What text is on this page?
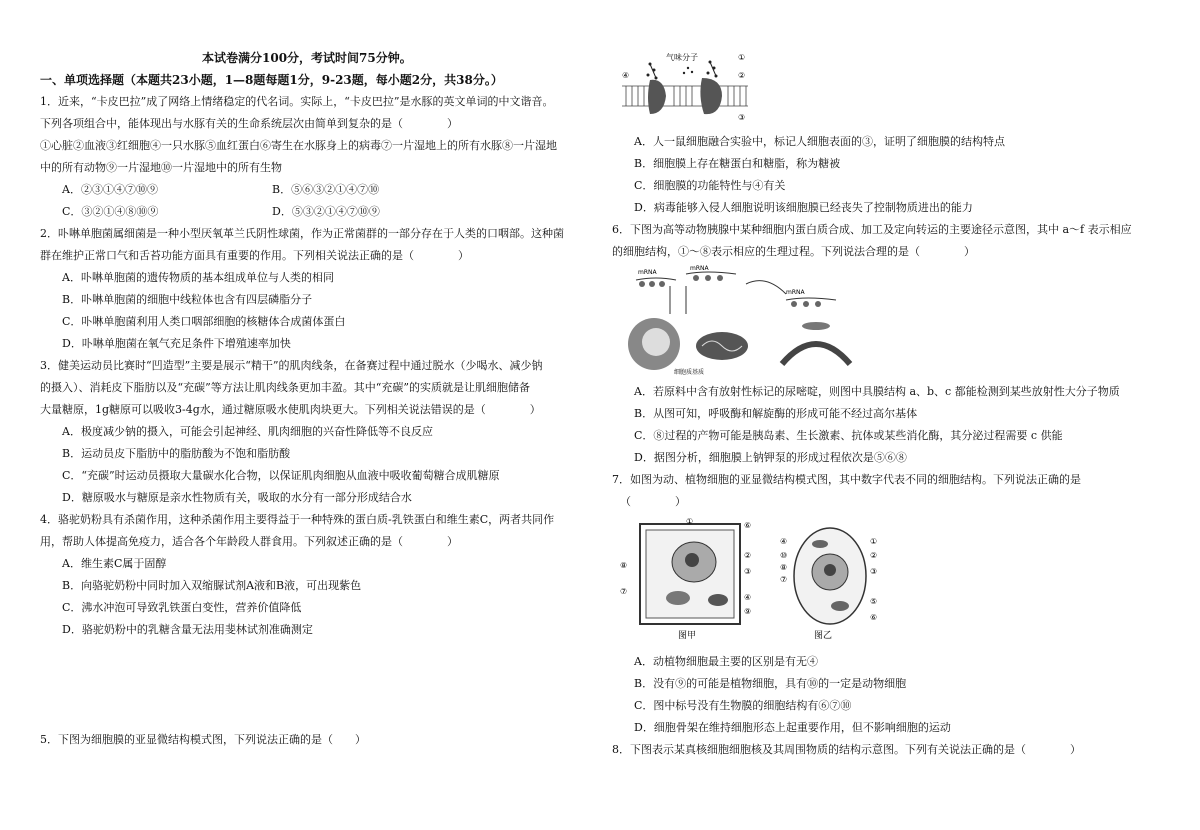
本试卷满分100分，考试时间75分钟。
一、单项选择题（本题共23小题，1—8题每题1分，9-23题，每小题2分，共38分。）
1．近来，“卡皮巴拉”成了网络上情绪稳定的代名词。实际上，“卡皮巴拉”是水豚的英文单词的中文谐音。
下列各项组合中，能体现出与水豚有关的生命系统层次由简单到复杂的是（　　　　）
①心脏②血液③红细胞④一只水豚⑤血红蛋白⑥寄生在水豚身上的病毒⑦一片湿地上的所有水豚⑧一片湿地
中的所有动物⑨一片湿地⑩一片湿地中的所有生物
A．②③①④⑦⑩⑨	B．⑤⑥③②①④⑦⑩
C．③②①④⑧⑩⑨	D．⑤③②①④⑦⑩⑨
2．卟啉单胞菌属细菌是一种小型厌氧革兰氏阴性球菌，作为正常菌群的一部分存在于人类的口咽部。这种菌
群在维护正常口气和舌苔功能方面具有重要的作用。下列相关说法正确的是（　　　　）
A．卟啉单胞菌的遗传物质的基本组成单位与人类的相同
B．卟啉单胞菌的细胞中线粒体也含有四层磷脂分子
C．卟啉单胞菌利用人类口咽部细胞的核糖体合成菌体蛋白
D．卟啉单胞菌在氧气充足条件下增殖速率加快
3．健美运动员比赛时“凹造型”主要是展示“精干”的肌肉线条，在备赛过程中通过脱水（少喝水、减少钠
的摄入）、消耗皮下脂肪以及“充碳”等方法让肌肉线条更加丰盈。其中“充碳”的实质就是让肌细胞储备
大量糖原，1g糖原可以吸收3-4g水，通过糖原吸水使肌肉块更大。下列相关说法错误的是（　　　　）
A．极度减少钠的摄入，可能会引起神经、肌肉细胞的兴奋性降低等不良反应
B．运动员皮下脂肪中的脂肪酸为不饱和脂肪酸
C．“充碳”时运动员摄取大量碳水化合物，以保证肌肉细胞从血液中吸收葡萄糖合成肌糖原
D．糖原吸水与糖原是亲水性物质有关，吸取的水分有一部分形成结合水
4．骆驼奶粉具有杀菌作用，这种杀菌作用主要得益于一种特殊的蛋白质-乳铁蛋白和维生素C，两者共同作
用，帮助人体提高免疫力，适合各个年龄段人群食用。下列叙述正确的是（　　　　）
A．维生素C属于固醇
B．向骆驼奶粉中同时加入双缩脲试剂A液和B液，可出现紫色
C．沸水冲泡可导致乳铁蛋白变性，营养价值降低
D．骆驼奶粉中的乳糖含量无法用斐林试剂准确测定
5．下图为细胞膜的亚显微结构模式图，下列说法正确的是（　　）
气味分子	①
②
④
③
A．人一鼠细胞融合实验中，标记人细胞表面的③，证明了细胞膜的结构特点
B．细胞膜上存在糖蛋白和糖脂，称为糖被
C．细胞膜的功能特性与④有关
D．病毒能够入侵人细胞说明该细胞膜已经丧失了控制物质进出的能力
6．下图为高等动物胰腺中某种细胞内蛋白质合成、加工及定向转运的主要途径示意图，其中 a～f 表示相应
的细胞结构，①～⑧表示相应的生理过程。下列说法合理的是（　　　　）
mRNA
mRNA
mRNA
细胞质基质
A．若原料中含有放射性标记的尿嘧啶，则图中具膜结构 a、b、c 都能检测到某些放射性大分子物质
B．从图可知，呼吸酶和解旋酶的形成可能不经过高尔基体
C．⑧过程的产物可能是胰岛素、生长激素、抗体或某些消化酶，其分泌过程需要 c 供能
D．据图分析，细胞膜上钠钾泵的形成过程依次是⑤⑥⑧
7．如图为动、植物细胞的亚显微结构模式图，其中数字代表不同的细胞结构。下列说法正确的是
（　　　　）
图甲
⑧
⑦
⑥
②
③
④
⑨
①
图乙
④
⑩
⑧
⑦
①
②
③
⑤
⑥
A．动植物细胞最主要的区别是有无④
B．没有⑨的可能是植物细胞，具有⑩的一定是动物细胞
C．图中标号没有生物膜的细胞结构有⑥⑦⑩
D．细胞骨架在维持细胞形态上起重要作用，但不影响细胞的运动
8．下图表示某真核细胞细胞核及其周围物质的结构示意图。下列有关说法正确的是（　　　　）
